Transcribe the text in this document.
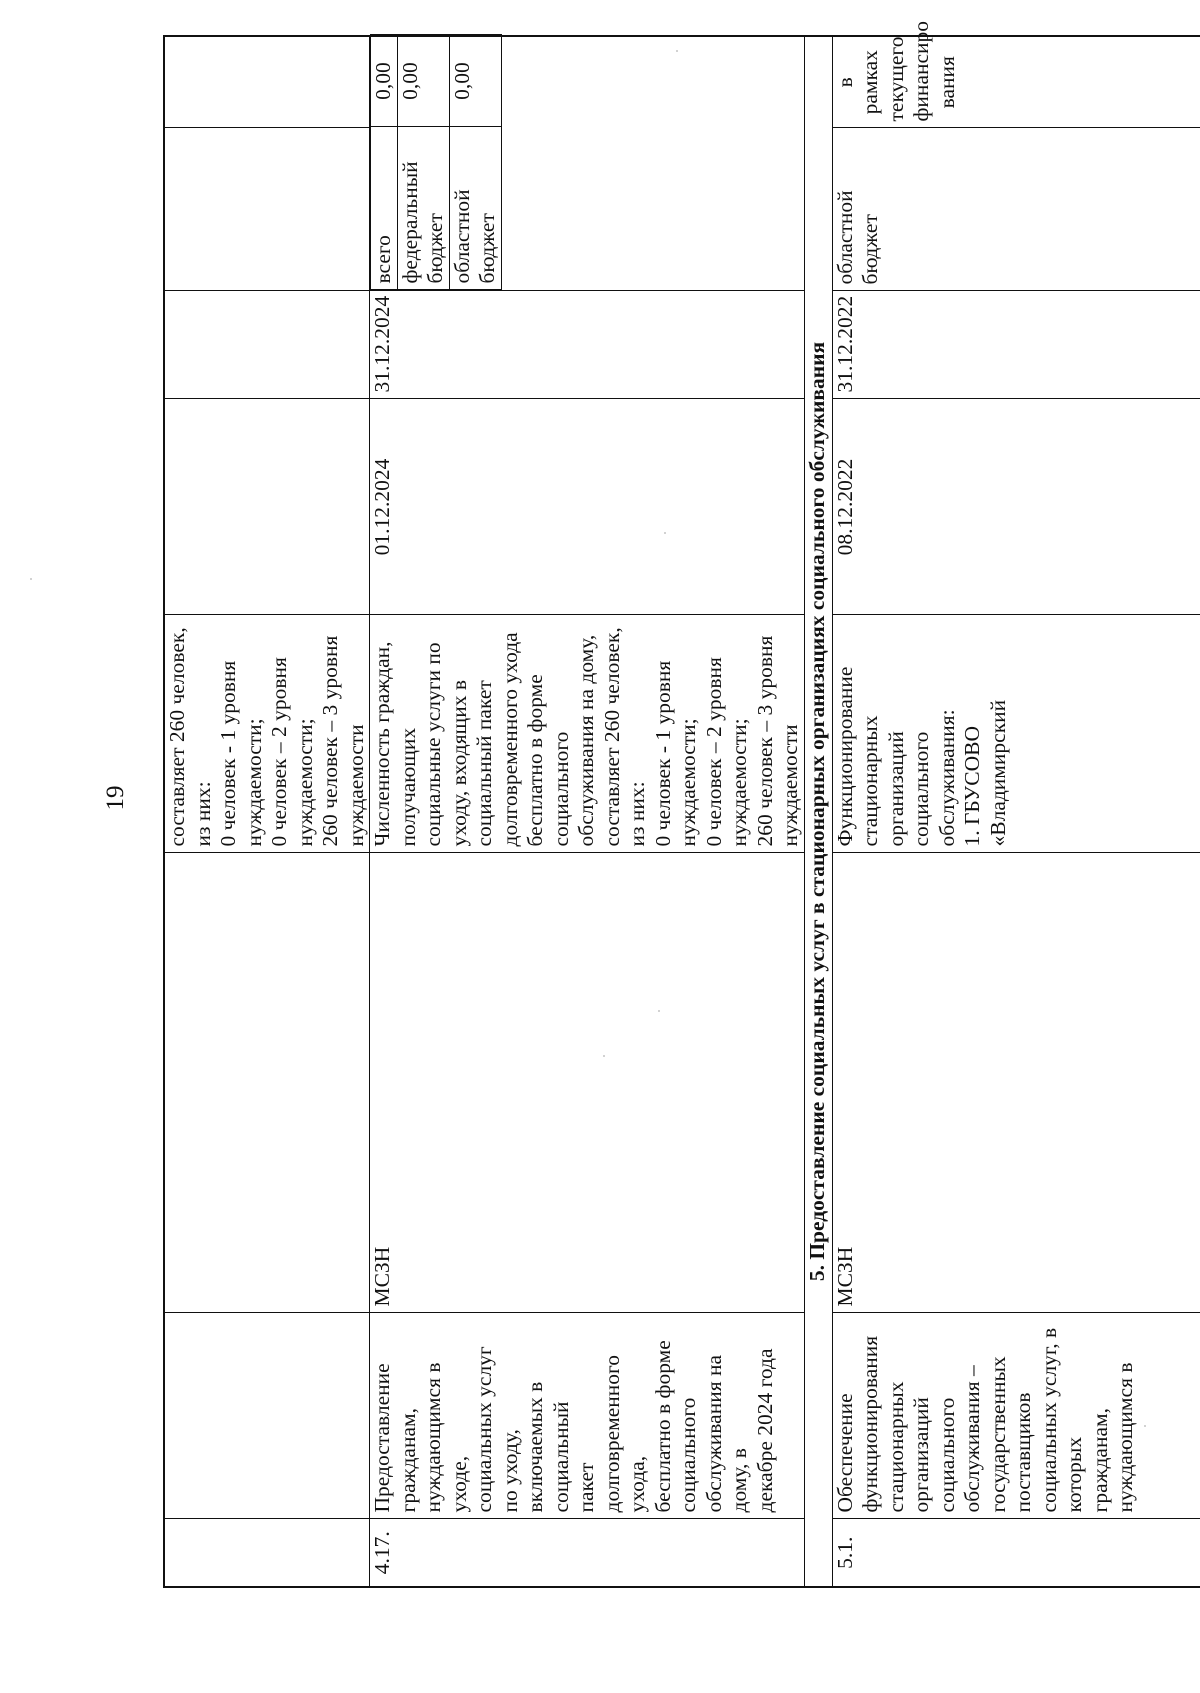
19
			составляет 260 человек,
из них:
0 человек - 1 уровня
нуждаемости;
0 человек – 2 уровня
нуждаемости;
260 человек – 3 уровня
нуждаемости				
4.17.	Предоставление гражданам,
нуждающимся в уходе,
социальных услуг по уходу,
включаемых в социальный
пакет долговременного ухода,
бесплатно в форме социального
обслуживания на дому, в
декабре 2024 года	МСЗН	Численность граждан,
получающих
социальные услуги по
уходу, входящих в
социальный пакет
долговременного ухода
бесплатно в форме
социального
обслуживания на дому,
составляет 260 человек,
из них:
0 человек - 1 уровня
нуждаемости;
0 человек – 2 уровня
нуждаемости;
260 человек – 3 уровня
нуждаемости	01.12.2024	31.12.2024	
всего	0,00
федеральный
бюджет	0,00
областной
бюджет	0,00

5. Предоставление социальных услуг в стационарных организациях социального обслуживания
5.1.	Обеспечение
функционирования
стационарных организаций
социального обслуживания –
государственных поставщиков
социальных услуг, в которых
гражданам, нуждающимся в	МСЗН	Функционирование
стационарных
организаций
социального
обслуживания:
1. ГБУСОВО
«Владимирский	08.12.2022	31.12.2022	областной
бюджет	в рамках
текущего
финансиро
вания
